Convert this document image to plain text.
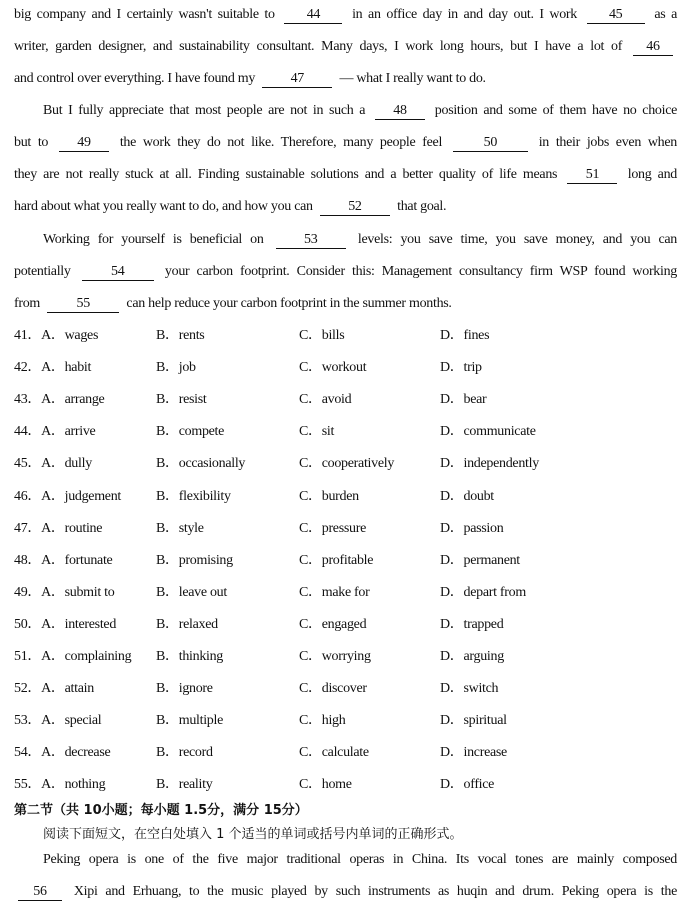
big company and I certainly wasn't suitable to 44 in an office day in and day out. I work 45 as a
writer, garden designer, and sustainability consultant. Many days, I work long hours, but I have a lot of 46
and control over everything. I have found my	47	— what I really want to do.
But I fully appreciate that most people are not in such a 48 position and some of them have no choice
but to 49 the work they do not like. Therefore, many people feel	50	in their jobs even when
they are not really stuck at all. Finding sustainable solutions and a better quality of life means 51 long and
hard about what you really want to do, and how you can	52	that goal.
Working for yourself is beneficial on	53	levels: you save time, you save money, and you can
potentially	54	your carbon footprint. Consider this: Management consultancy firm WSP found working
from	55	can help reduce your carbon footprint in the summer months.
41．A．wages	B．rents	C．bills	D．fines
42．A．habit	B．job	C．workout	D．trip
43．A．arrange	B．resist	C．avoid	D．bear
44．A．arrive	B．compete	C．sit	D．communicate
45．A．dully	B．occasionally	C．cooperatively	D．independently
46．A．judgement B．flexibility	C．burden	D．doubt
47．A．routine	B．style	C．pressure	D．passion
48．A．fortunate	B．promising	C．profitable	D．permanent
49．A．submit to	B．leave out	C．make for	D．depart from
50．A．interested	B．relaxed	C．engaged	D．trapped
51．A．complaining B．thinking	C．worrying	D．arguing
52．A．attain	B．ignore	C．discover	D．switch
53．A．special	B．multiple	C．high	D．spiritual
54．A．decrease	B．record	C．calculate	D．increase
55．A．nothing	B．reality	C．home	D．office
第二节（共 10小题；每小题 1.5分，满分 15分）
阅读下面短文，在空白处填入 1 个适当的单词或括号内单词的正确形式。
Peking opera is one of the five major traditional operas in China. Its vocal tones are mainly composed
56 Xipi and Erhuang, to the music played by such instruments as huqin and drum. Peking opera is the
